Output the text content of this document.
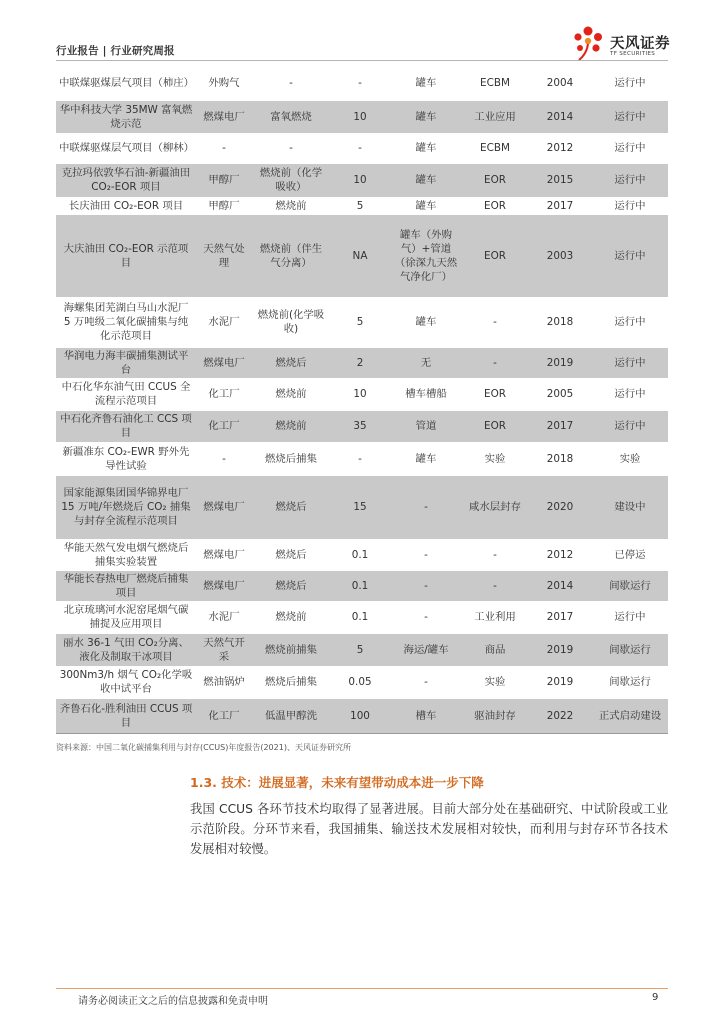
行业报告 | 行业研究周报	天风证券
TF SECURITIES
中联煤驱煤层气项目（柿庄）	外购气	-	-	罐车	ECBM	2004	运行中
华中科技大学 35MW 富氧燃烧示范	燃煤电厂	富氧燃烧	10	罐车	工业应用	2014	运行中
中联煤驱煤层气项目（柳林）	-	-	-	罐车	ECBM	2012	运行中
克拉玛依敦华石油-新疆油田 CO₂-EOR 项目	甲醇厂	燃烧前（化学吸收）	10	罐车	EOR	2015	运行中
长庆油田 CO₂-EOR 项目	甲醇厂	燃烧前	5	罐车	EOR	2017	运行中
大庆油田 CO₂-EOR 示范项目	天然气处理	燃烧前（伴生气分离）	NA	罐车（外购气）+管道（徐深九天然气净化厂）	EOR	2003	运行中
海螺集团芜湖白马山水泥厂 5 万吨级二氧化碳捕集与纯化示范项目	水泥厂	燃烧前(化学吸收)	5	罐车	-	2018	运行中
华润电力海丰碳捕集测试平台	燃煤电厂	燃烧后	2	无	-	2019	运行中
中石化华东油气田 CCUS 全流程示范项目	化工厂	燃烧前	10	槽车槽船	EOR	2005	运行中
中石化齐鲁石油化工 CCS 项目	化工厂	燃烧前	35	管道	EOR	2017	运行中
新疆准东 CO₂-EWR 野外先导性试验	-	燃烧后捕集	-	罐车	实验	2018	实验
国家能源集团国华锦界电厂 15 万吨/年燃烧后 CO₂ 捕集与封存全流程示范项目	燃煤电厂	燃烧后	15	-	咸水层封存	2020	建设中
华能天然气发电烟气燃烧后捕集实验装置	燃煤电厂	燃烧后	0.1	-	-	2012	已停运
华能长春热电厂燃烧后捕集项目	燃煤电厂	燃烧后	0.1	-	-	2014	间歇运行
北京琉璃河水泥窑尾烟气碳捕捉及应用项目	水泥厂	燃烧前	0.1	-	工业利用	2017	运行中
丽水 36-1 气田 CO₂分离、液化及制取干冰项目	天然气开采	燃烧前捕集	5	海运/罐车	商品	2019	间歇运行
300Nm3/h 烟气 CO₂化学吸收中试平台	燃油锅炉	燃烧后捕集	0.05	-	实验	2019	间歇运行
齐鲁石化-胜利油田 CCUS 项目	化工厂	低温甲醇洗	100	槽车	驱油封存	2022	正式启动建设
资料来源：中国二氧化碳捕集利用与封存(CCUS)年度报告(2021)、天风证券研究所
1.3. 技术：进展显著，未来有望带动成本进一步下降
我国 CCUS 各环节技术均取得了显著进展。目前大部分处在基础研究、中试阶段或工业示范阶段。分环节来看，我国捕集、输送技术发展相对较快，而利用与封存环节各技术发展相对较慢。
请务必阅读正文之后的信息披露和免责申明	9
